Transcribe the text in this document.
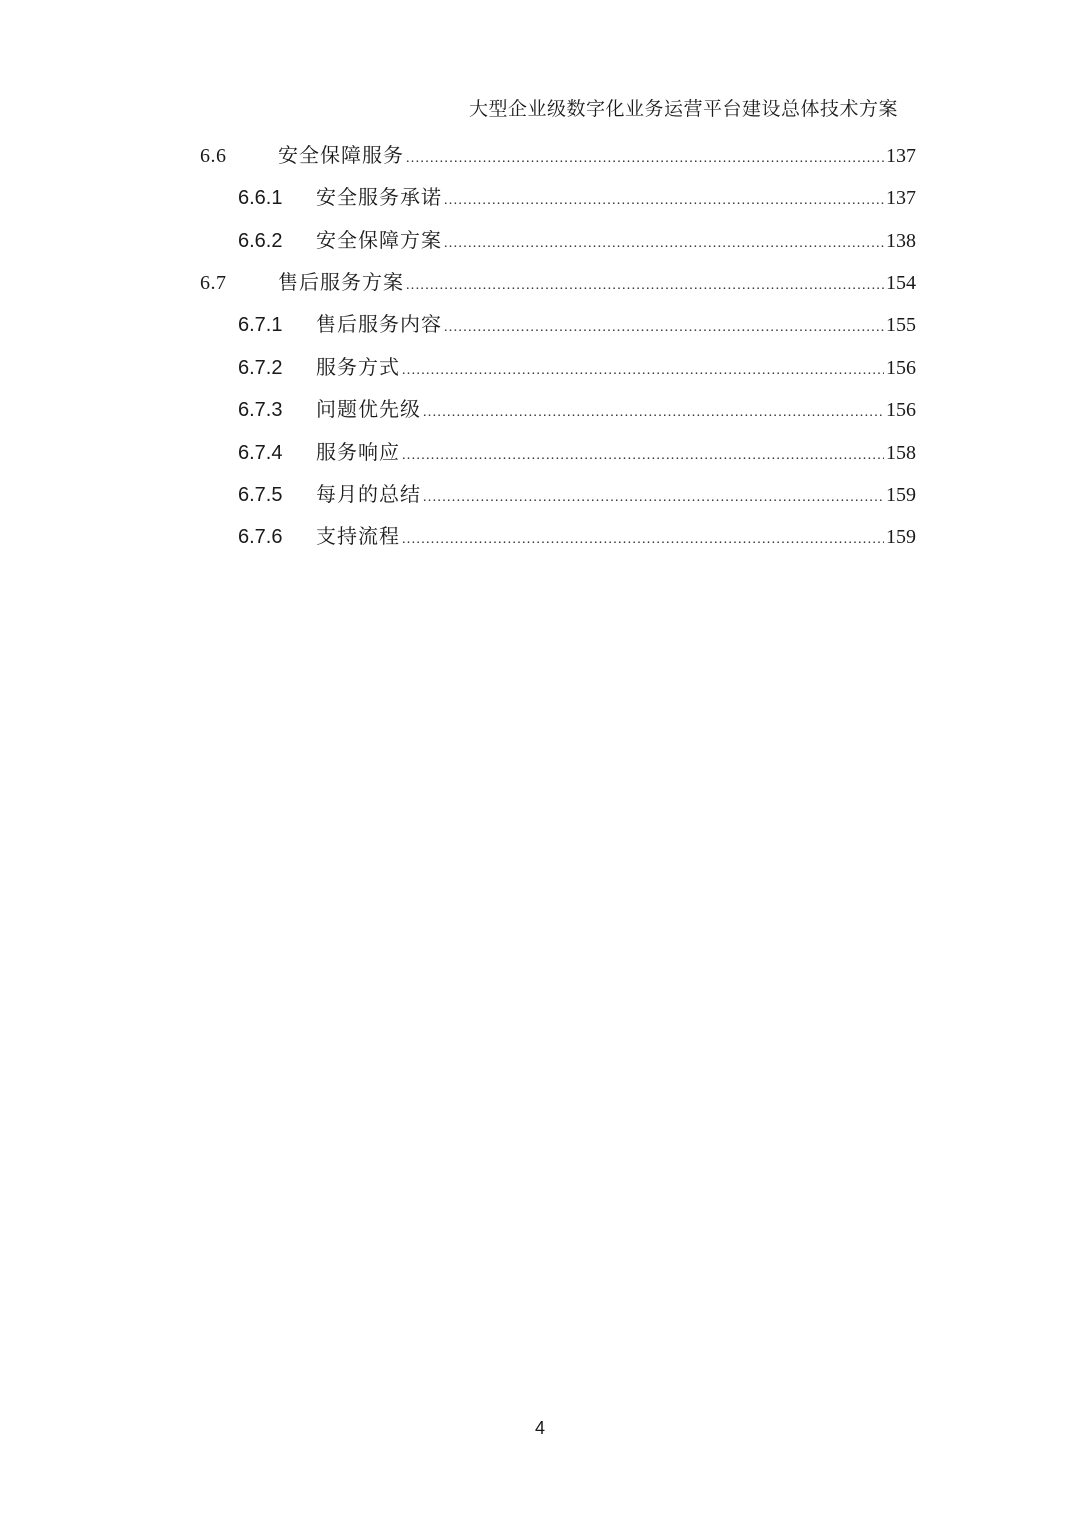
大型企业级数字化业务运营平台建设总体技术方案
6.6	安全保障服务 .....	137
6.6.1	安全服务承诺 .....	137
6.6.2	安全保障方案 .....	138
6.7	售后服务方案 .....	154
6.7.1	售后服务内容 .....	155
6.7.2	服务方式 .....	156
6.7.3	问题优先级 .....	156
6.7.4	服务响应 .....	158
6.7.5	每月的总结 .....	159
6.7.6	支持流程 .....	159
4
